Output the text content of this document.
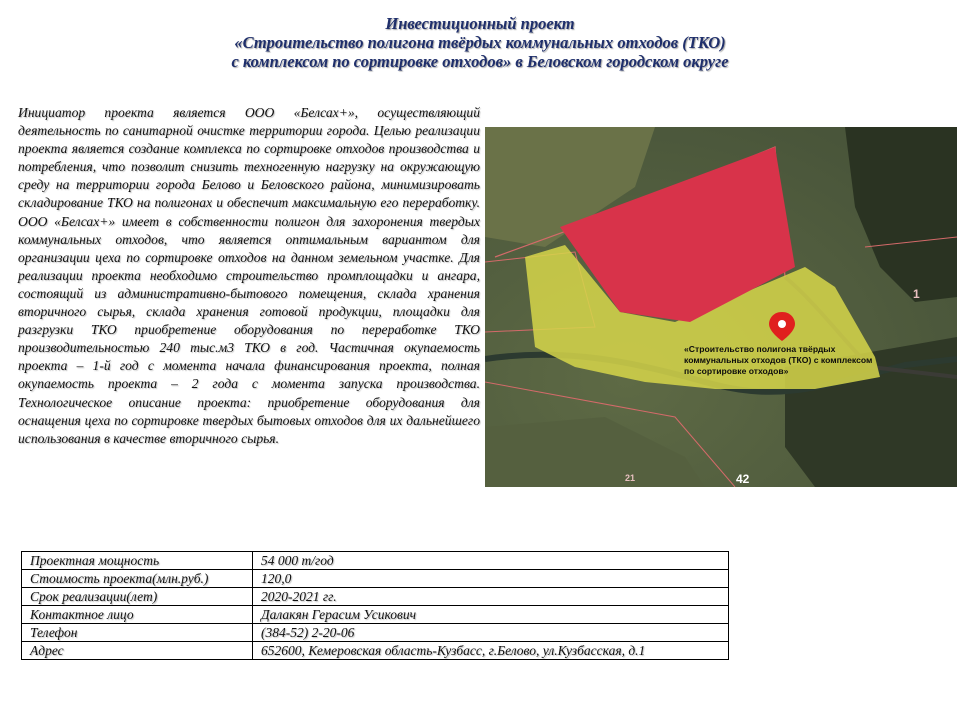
Инвестиционный проект
«Строительство полигона твёрдых коммунальных отходов (ТКО)
с комплексом по сортировке отходов» в Беловском городском округе
Инициатор проекта является ООО «Белсах+», осуществляющий деятельность по санитарной очистке территории города. Целью реализации проекта является создание комплекса по сортировке отходов производства и потребления, что позволит снизить техногенную нагрузку на окружающую среду на территории города Белово и Беловского района, минимизировать складирование ТКО на полигонах и обеспечит максимальную его переработку. ООО «Белсах+» имеет в собственности полигон для захоронения твердых коммунальных отходов, что является оптимальным вариантом для организации цеха по сортировке отходов на данном земельном участке. Для реализации проекта необходимо строительство промплощадки и ангара, состоящий из административно-бытового помещения, склада хранения вторичного сырья, склада хранения готовой продукции, площадки для разгрузки ТКО приобретение оборудования по переработке ТКО производительностью 240 тыс.м3 ТКО в год. Частичная окупаемость проекта – 1-й год с момента начала финансирования проекта, полная окупаемость проекта – 2 года с момента запуска производства. Технологическое описание проекта: приобретение оборудования для оснащения цеха по сортировке твердых бытовых отходов для их дальнейшего использования в качестве вторичного сырья.
«Строительство полигона твёрдых коммунальных отходов (ТКО) с комплексом по сортировке отходов»
42
1
21
Проектная мощность	54 000 т/год
Стоимость проекта(млн.руб.)	120,0
Срок реализации(лет)	2020-2021 гг.
Контактное лицо	Далакян Герасим Усикович
Телефон	(384-52) 2-20-06
Адрес	652600, Кемеровская область-Кузбасс, г.Белово, ул.Кузбасская, д.1
